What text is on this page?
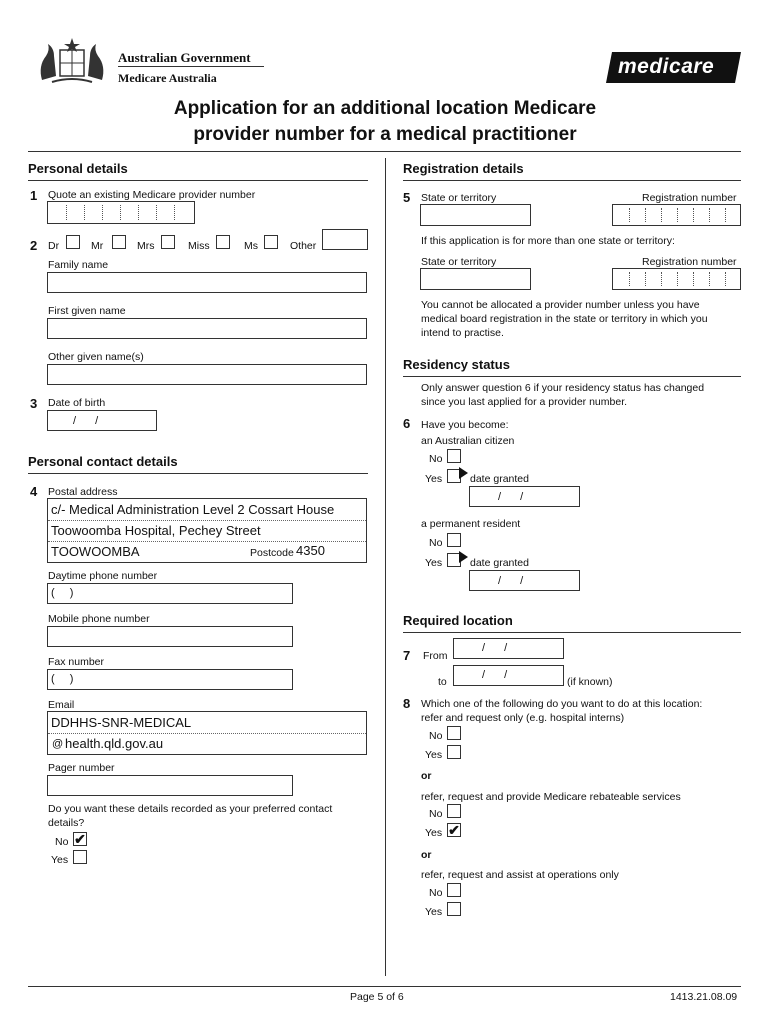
Australian Government
Medicare Australia	medicare
Application for an additional location Medicare
provider number for a medical practitioner
Personal details
1 Quote an existing Medicare provider number
2 Dr	Mr	Mrs	Miss	Ms	Other
Family name
First given name
Other given name(s)
3 Date of birth
/ /
Personal contact details
4 Postal address
c/- Medical Administration Level 2 Cossart House
Toowoomba Hospital, Pechey Street
TOOWOOMBA	Postcode 4350
Daytime phone number
( )
Mobile phone number
Fax number
( )
Email
DDHHS-SNR-MEDICAL
@ health.qld.gov.au
Pager number
Do you want these details recorded as your preferred contact details?
No ✔
Yes
Registration details
5 State or territory	Registration number
If this application is for more than one state or territory:
State or territory	Registration number
You cannot be allocated a provider number unless you have
medical board registration in the state or territory in which you
intend to practise.
Residency status
Only answer question 6 if your residency status has changed
since you last applied for a provider number.
6 Have you become:
an Australian citizen
No
Yes	date granted
/ /
a permanent resident
No
Yes	date granted
/ /
Required location
7 From
/ /
to
/ /
(if known)
8 Which one of the following do you want to do at this location:
refer and request only (e.g. hospital interns)
No
Yes
or
refer, request and provide Medicare rebateable services
No
Yes ✔
or
refer, request and assist at operations only
No
Yes
Page 5 of 6	1413.21.08.09
